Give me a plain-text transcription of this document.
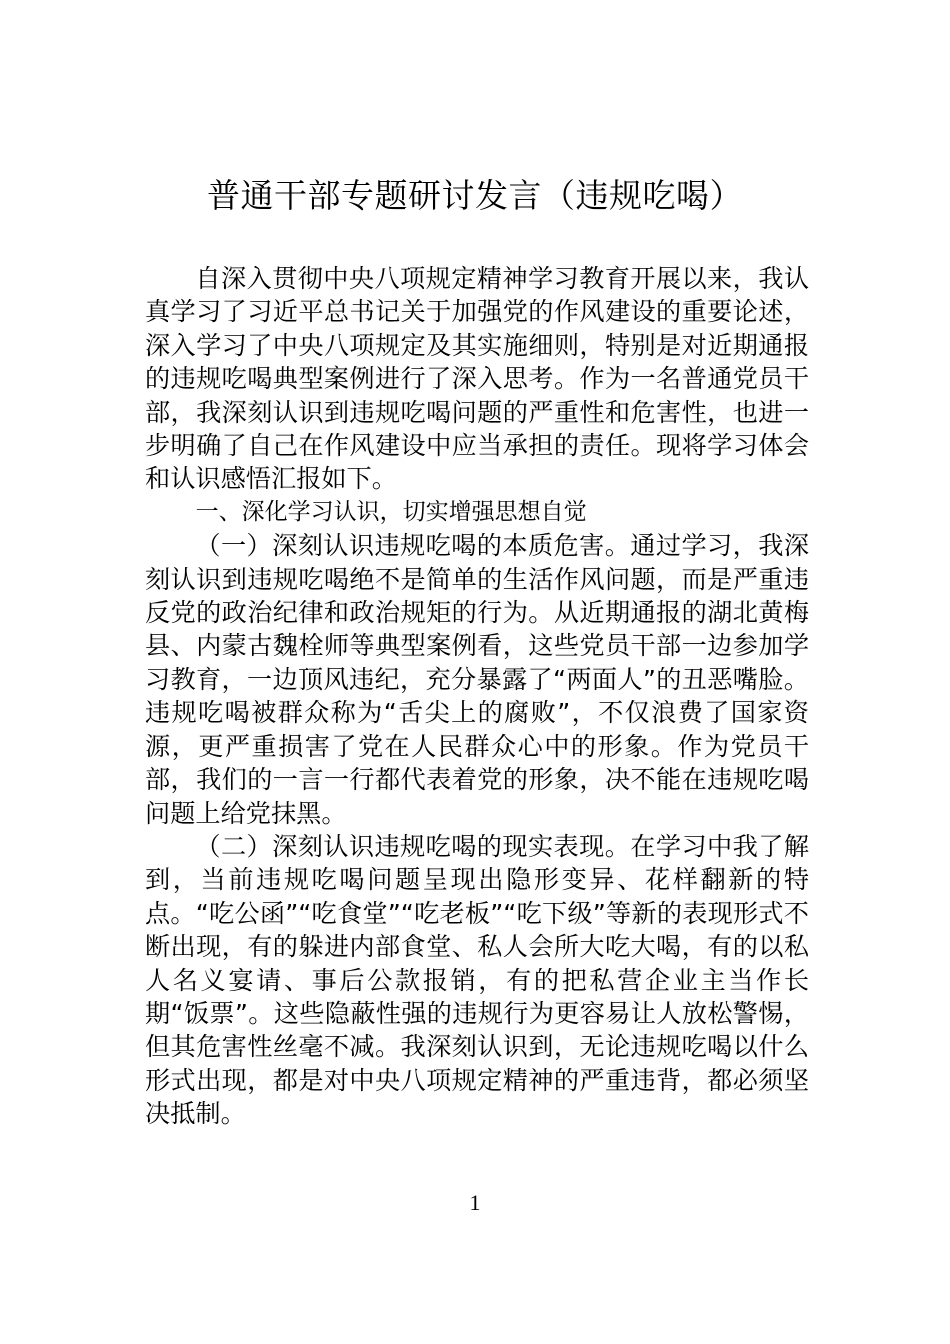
普通干部专题研讨发言（违规吃喝）

自深入贯彻中央八项规定精神学习教育开展以来，我认真学习了习近平总书记关于加强党的作风建设的重要论述，深入学习了中央八项规定及其实施细则，特别是对近期通报的违规吃喝典型案例进行了深入思考。作为一名普通党员干部，我深刻认识到违规吃喝问题的严重性和危害性，也进一步明确了自己在作风建设中应当承担的责任。现将学习体会和认识感悟汇报如下。

一、深化学习认识，切实增强思想自觉

（一）深刻认识违规吃喝的本质危害。通过学习，我深刻认识到违规吃喝绝不是简单的生活作风问题，而是严重违反党的政治纪律和政治规矩的行为。从近期通报的湖北黄梅县、内蒙古魏栓师等典型案例看，这些党员干部一边参加学习教育，一边顶风违纪，充分暴露了“两面人”的丑恶嘴脸。违规吃喝被群众称为“舌尖上的腐败”，不仅浪费了国家资源，更严重损害了党在人民群众心中的形象。作为党员干部，我们的一言一行都代表着党的形象，决不能在违规吃喝问题上给党抹黑。

（二）深刻认识违规吃喝的现实表现。在学习中我了解到，当前违规吃喝问题呈现出隐形变异、花样翻新的特点。“吃公函”“吃食堂”“吃老板”“吃下级”等新的表现形式不断出现，有的躲进内部食堂、私人会所大吃大喝，有的以私人名义宴请、事后公款报销，有的把私营企业主当作长期“饭票”。这些隐蔽性强的违规行为更容易让人放松警惕，但其危害性丝毫不减。我深刻认识到，无论违规吃喝以什么形式出现，都是对中央八项规定精神的严重违背，都必须坚决抵制。

1
